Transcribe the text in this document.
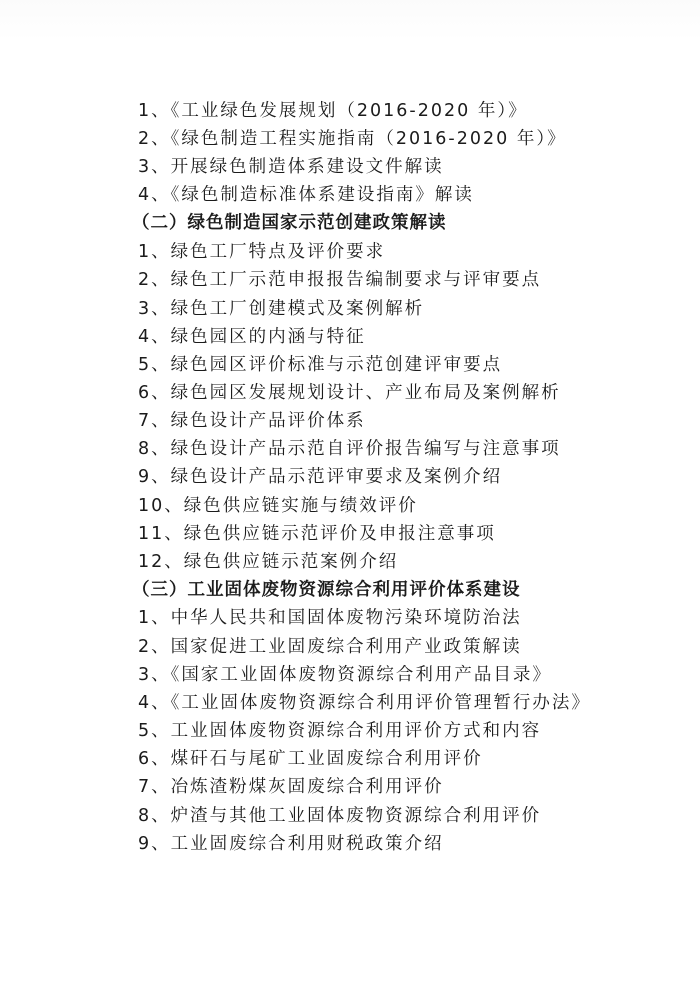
1、《工业绿色发展规划（2016-2020 年）》
2、《绿色制造工程实施指南（2016-2020 年）》
3、开展绿色制造体系建设文件解读
4、《绿色制造标准体系建设指南》解读
（二）绿色制造国家示范创建政策解读
1、绿色工厂特点及评价要求
2、绿色工厂示范申报报告编制要求与评审要点
3、绿色工厂创建模式及案例解析
4、绿色园区的内涵与特征
5、绿色园区评价标准与示范创建评审要点
6、绿色园区发展规划设计、产业布局及案例解析
7、绿色设计产品评价体系
8、绿色设计产品示范自评价报告编写与注意事项
9、绿色设计产品示范评审要求及案例介绍
10、绿色供应链实施与绩效评价
11、绿色供应链示范评价及申报注意事项
12、绿色供应链示范案例介绍
（三）工业固体废物资源综合利用评价体系建设
1、中华人民共和国固体废物污染环境防治法
2、国家促进工业固废综合利用产业政策解读
3、《国家工业固体废物资源综合利用产品目录》
4、《工业固体废物资源综合利用评价管理暂行办法》
5、工业固体废物资源综合利用评价方式和内容
6、煤矸石与尾矿工业固废综合利用评价
7、冶炼渣粉煤灰固废综合利用评价
8、炉渣与其他工业固体废物资源综合利用评价
9、工业固废综合利用财税政策介绍
